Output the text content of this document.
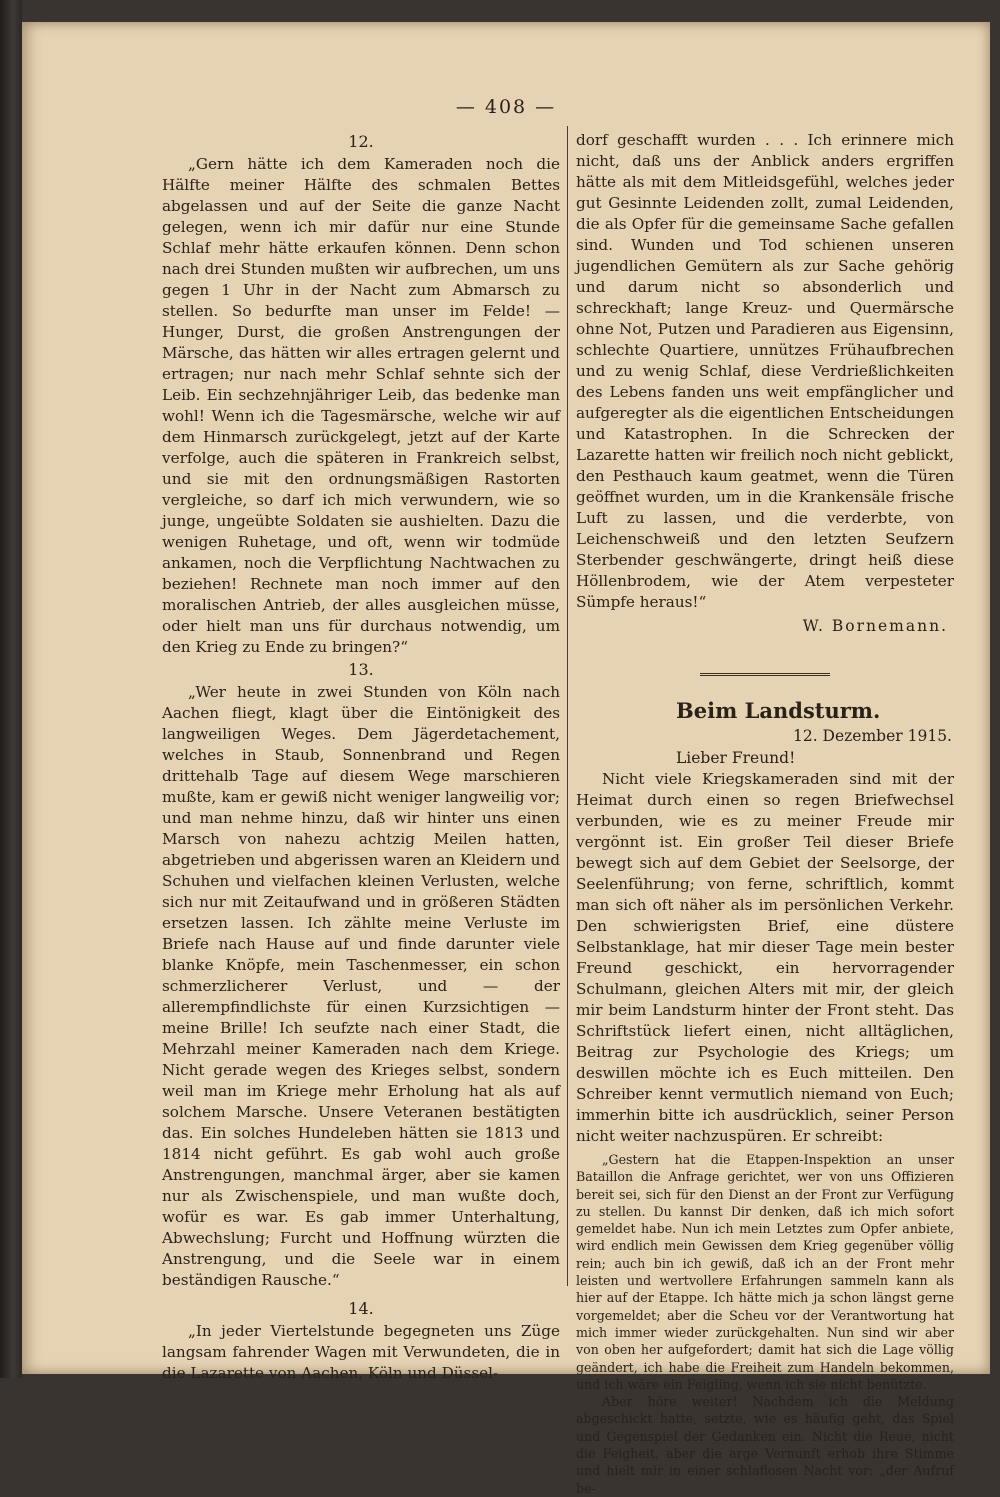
— 408 —
12.

„Gern hätte ich dem Kameraden noch die Hälfte meiner Hälfte des schmalen Bettes abgelassen und auf der Seite die ganze Nacht gelegen, wenn ich mir dafür nur eine Stunde Schlaf mehr hätte erkaufen können. Denn schon nach drei Stunden mußten wir aufbrechen, um uns gegen 1 Uhr in der Nacht zum Abmarsch zu stellen. So bedurfte man unser im Felde! — Hunger, Durst, die großen Anstrengungen der Märsche, das hätten wir alles ertragen gelernt und ertragen; nur nach mehr Schlaf sehnte sich der Leib. Ein sechzehnjähriger Leib, das bedenke man wohl! Wenn ich die Tagesmärsche, welche wir auf dem Hinmarsch zurückgelegt, jetzt auf der Karte verfolge, auch die späteren in Frankreich selbst, und sie mit den ordnungsmäßigen Rastorten vergleiche, so darf ich mich verwundern, wie so junge, ungeübte Soldaten sie aushielten. Dazu die wenigen Ruhetage, und oft, wenn wir todmüde ankamen, noch die Verpflichtung Nachtwachen zu beziehen! Rechnete man noch immer auf den moralischen Antrieb, der alles ausgleichen müsse, oder hielt man uns für durchaus notwendig, um den Krieg zu Ende zu bringen?“

13.

„Wer heute in zwei Stunden von Köln nach Aachen fliegt, klagt über die Eintönigkeit des langweiligen Weges. Dem Jägerdetachement, welches in Staub, Sonnenbrand und Regen drittehalb Tage auf diesem Wege marschieren mußte, kam er gewiß nicht weniger langweilig vor; und man nehme hinzu, daß wir hinter uns einen Marsch von nahezu achtzig Meilen hatten, abgetrieben und abgerissen waren an Kleidern und Schuhen und vielfachen kleinen Verlusten, welche sich nur mit Zeitaufwand und in größeren Städten ersetzen lassen. Ich zählte meine Verluste im Briefe nach Hause auf und finde darunter viele blanke Knöpfe, mein Taschenmesser, ein schon schmerzlicherer Verlust, und — der allerempfindlichste für einen Kurzsichtigen — meine Brille! Ich seufzte nach einer Stadt, die Mehrzahl meiner Kameraden nach dem Kriege. Nicht gerade wegen des Krieges selbst, sondern weil man im Kriege mehr Erholung hat als auf solchem Marsche. Unsere Veteranen bestätigten das. Ein solches Hundeleben hätten sie 1813 und 1814 nicht geführt. Es gab wohl auch große Anstrengungen, manchmal ärger, aber sie kamen nur als Zwischenspiele, und man wußte doch, wofür es war. Es gab immer Unterhaltung, Abwechslung; Furcht und Hoffnung würzten die Anstrengung, und die Seele war in einem beständigen Rausche.“

14.

„In jeder Viertelstunde begegneten uns Züge langsam fahrender Wagen mit Verwundeten, die in die Lazarette von Aachen, Köln und Düssel-

dorf geschafft wurden . . . Ich erinnere mich nicht, daß uns der Anblick anders ergriffen hätte als mit dem Mitleidsgefühl, welches jeder gut Gesinnte Leidenden zollt, zumal Leidenden, die als Opfer für die gemeinsame Sache gefallen sind. Wunden und Tod schienen unseren jugendlichen Gemütern als zur Sache gehörig und darum nicht so absonderlich und schreckhaft; lange Kreuz- und Quermärsche ohne Not, Putzen und Paradieren aus Eigensinn, schlechte Quartiere, unnützes Frühaufbrechen und zu wenig Schlaf, diese Verdrießlichkeiten des Lebens fanden uns weit empfänglicher und aufgeregter als die eigentlichen Entscheidungen und Katastrophen. In die Schrecken der Lazarette hatten wir freilich noch nicht geblickt, den Pesthauch kaum geatmet, wenn die Türen geöffnet wurden, um in die Krankensäle frische Luft zu lassen, und die verderbte, von Leichenschweiß und den letzten Seufzern Sterbender geschwängerte, dringt heiß diese Höllenbrodem, wie der Atem verpesteter Sümpfe heraus!“

W. Bornemann.
Beim Landsturm.
12. Dezember 1915.
Lieber Freund!

Nicht viele Kriegskameraden sind mit der Heimat durch einen so regen Briefwechsel verbunden, wie es zu meiner Freude mir vergönnt ist. Ein großer Teil dieser Briefe bewegt sich auf dem Gebiet der Seelsorge, der Seelenführung; von ferne, schriftlich, kommt man sich oft näher als im persönlichen Verkehr. Den schwierigsten Brief, eine düstere Selbstanklage, hat mir dieser Tage mein bester Freund geschickt, ein hervorragender Schulmann, gleichen Alters mit mir, der gleich mir beim Landsturm hinter der Front steht. Das Schriftstück liefert einen, nicht alltäglichen, Beitrag zur Psychologie des Kriegs; um deswillen möchte ich es Euch mitteilen. Den Schreiber kennt vermutlich niemand von Euch; immerhin bitte ich ausdrücklich, seiner Person nicht weiter nachzuspüren. Er schreibt:

„Gestern hat die Etappen-Inspektion an unser Bataillon die Anfrage gerichtet, wer von uns Offizieren bereit sei, sich für den Dienst an der Front zur Verfügung zu stellen. Du kannst Dir denken, daß ich mich sofort gemeldet habe. Nun ich mein Letztes zum Opfer anbiete, wird endlich mein Gewissen dem Krieg gegenüber völlig rein; auch bin ich gewiß, daß ich an der Front mehr leisten und wertvollere Erfahrungen sammeln kann als hier auf der Etappe. Ich hätte mich ja schon längst gerne vorgemeldet; aber die Scheu vor der Verantwortung hat mich immer wieder zurückgehalten. Nun sind wir aber von oben her aufgefordert; damit hat sich die Lage völlig geändert, ich habe die Freiheit zum Handeln bekommen, und ich wäre ein Feigling, wenn ich sie nicht benützte.

Aber höre weiter! Nachdem ich die Meldung abgeschickt hatte, setzte, wie es häufig geht, das Spiel und Gegenspiel der Gedanken ein. Nicht die Reue, nicht die Feigheit, aber die arge Vernunft erhob ihre Stimme und hielt mir in einer schlaflosen Nacht vor: „der Aufruf be-
